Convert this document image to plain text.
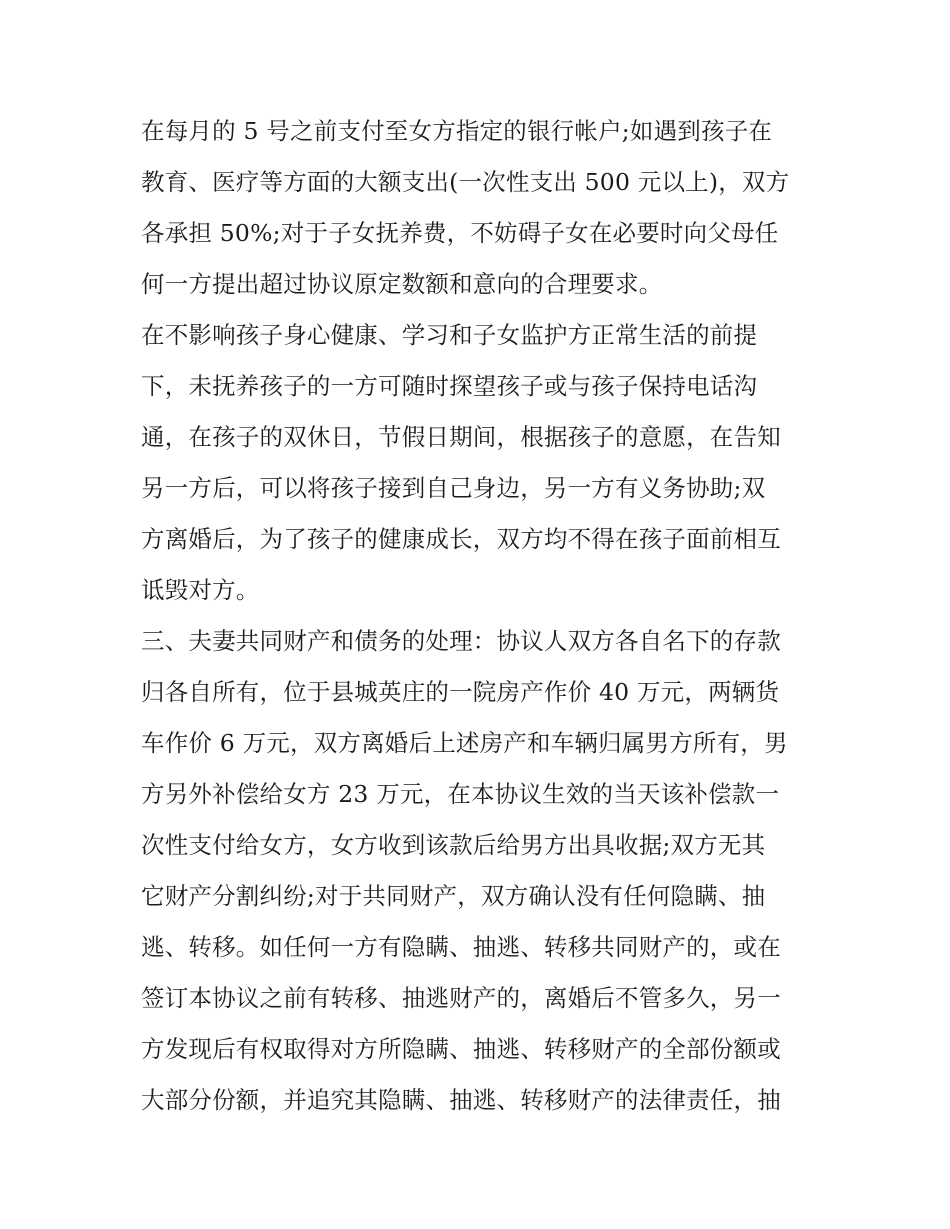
在每月的 5 号之前支付至女方指定的银行帐户;如遇到孩子在
教育、医疗等方面的大额支出(一次性支出 500 元以上)，双方
各承担 50%;对于子女抚养费，不妨碍子女在必要时向父母任
何一方提出超过协议原定数额和意向的合理要求。
在不影响孩子身心健康、学习和子女监护方正常生活的前提
下，未抚养孩子的一方可随时探望孩子或与孩子保持电话沟
通，在孩子的双休日，节假日期间，根据孩子的意愿，在告知
另一方后，可以将孩子接到自己身边，另一方有义务协助;双
方离婚后，为了孩子的健康成长，双方均不得在孩子面前相互
诋毁对方。
三、夫妻共同财产和债务的处理：协议人双方各自名下的存款
归各自所有，位于县城英庄的一院房产作价 40 万元，两辆货
车作价 6 万元，双方离婚后上述房产和车辆归属男方所有，男
方另外补偿给女方 23 万元，在本协议生效的当天该补偿款一
次性支付给女方，女方收到该款后给男方出具收据;双方无其
它财产分割纠纷;对于共同财产，双方确认没有任何隐瞒、抽
逃、转移。如任何一方有隐瞒、抽逃、转移共同财产的，或在
签订本协议之前有转移、抽逃财产的，离婚后不管多久，另一
方发现后有权取得对方所隐瞒、抽逃、转移财产的全部份额或
大部分份额，并追究其隐瞒、抽逃、转移财产的法律责任，抽
